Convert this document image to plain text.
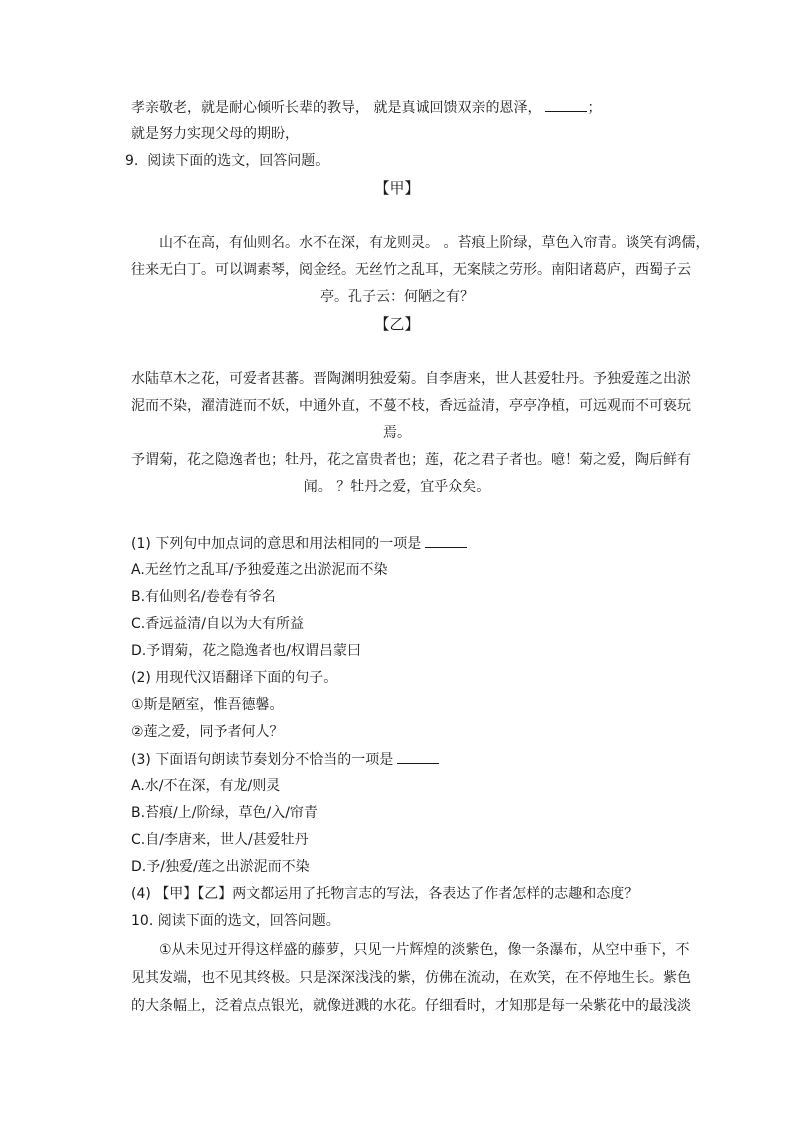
孝亲敬老，就是耐心倾听长辈的教导， 就是真诚回馈双亲的恩泽，	；
就是努力实现父母的期盼，
9. 阅读下面的选文，回答问题。
【甲】
山不在高，有仙则名。水不在深，有龙则灵。 。苔痕上阶绿，草色入帘青。谈笑有鸿儒，
往来无白丁。可以调素琴，阅金经。无丝竹之乱耳，无案牍之劳形。南阳诸葛庐，西蜀子云
亭。孔子云：何陋之有？
【乙】
水陆草木之花，可爱者甚蕃。晋陶渊明独爱菊。自李唐来，世人甚爱牡丹。予独爱莲之出淤
泥而不染，濯清涟而不妖，中通外直，不蔓不枝，香远益清，亭亭净植，可远观而不可亵玩
焉。
予谓菊，花之隐逸者也；牡丹，花之富贵者也；莲，花之君子者也。噫！菊之爱，陶后鲜有
闻。 ？牡丹之爱，宜乎众矣。
(1) 下列句中加点词的意思和用法相同的一项是
A.无丝竹之乱耳/予独爱莲之出淤泥而不染
B.有仙则名/卷卷有爷名
C.香远益清/自以为大有所益
D.予谓菊，花之隐逸者也/权谓吕蒙曰
(2) 用现代汉语翻译下面的句子。
①斯是陋室，惟吾德馨。
②莲之爱，同予者何人？
(3) 下面语句朗读节奏划分不恰当的一项是
A.水/不在深，有龙/则灵
B.苔痕/上/阶绿，草色/入/帘青
C.自/李唐来，世人/甚爱牡丹
D.予/独爱/莲之出淤泥而不染
(4) 【甲】【乙】两文都运用了托物言志的写法，各表达了作者怎样的志趣和态度？
10. 阅读下面的选文，回答问题。
①从未见过开得这样盛的藤萝，只见一片辉煌的淡紫色，像一条瀑布，从空中垂下，不
见其发端，也不见其终极。只是深深浅浅的紫，仿佛在流动，在欢笑，在不停地生长。紫色
的大条幅上，泛着点点银光，就像迸溅的水花。仔细看时，才知那是每一朵紫花中的最浅淡
